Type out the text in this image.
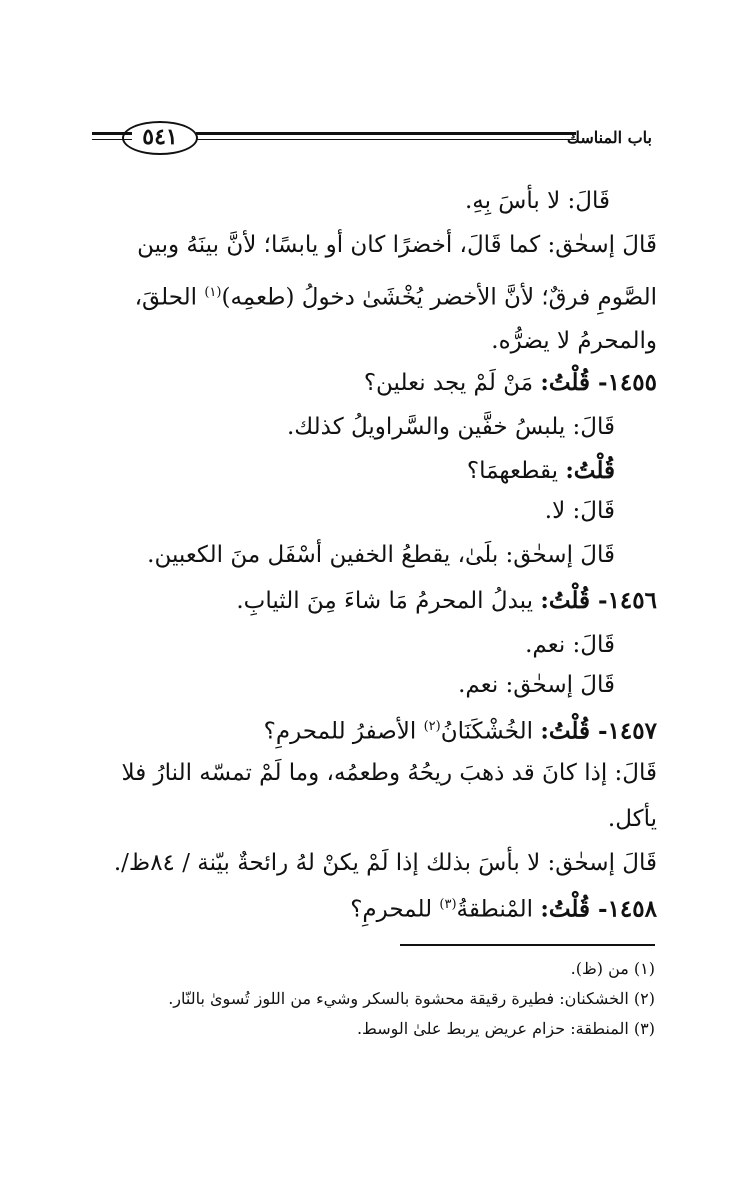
٥٤١	باب المناسك
قَالَ: لا بأسَ بِهِ.
قَالَ إسحٰق: كما قَالَ، أخضرًا كان أو يابسًا؛ لأنَّ بينَهُ وبين
الصَّومِ فرقٌ؛ لأنَّ الأخضر يُخْشَىٰ دخولُ (طعمِه)$^{(١)}$ الحلقَ،
والمحرمُ لا يضرُّه.
١٤٥٥- قُلْتُ: مَنْ لَمْ يجد نعلين؟
قَالَ: يلبسُ خفَّين والسَّراويلُ كذلك.
قُلْتُ: يقطعهمَا؟
قَالَ: لا.
قَالَ إسحٰق: بلَىٰ، يقطعُ الخفين أسْفَل منَ الكعبين.
١٤٥٦- قُلْتُ: يبدلُ المحرمُ مَا شاءَ مِنَ الثيابِ.
قَالَ: نعم.
قَالَ إسحٰق: نعم.
١٤٥٧- قُلْتُ: الخُشْكَنَانُ$^{(٢)}$ الأصفرُ للمحرمِ؟
قَالَ: إذا كانَ قد ذهبَ ريحُهُ وطعمُه، وما لَمْ تمسّه النارُ فلا
يأكل.
قَالَ إسحٰق: لا بأسَ بذلك إذا لَمْ يكنْ لهُ رائحةٌ بيّنة / ٨٤ظ/.
١٤٥٨- قُلْتُ: المْنطقةُ$^{(٣)}$ للمحرمِ؟
(١) من (ظ).
(٢) الخشكنان: فطيرة رقيقة محشوة بالسكر وشيء من اللوز تُسوىٰ بالنّار.
(٣) المنطقة: حزام عريض يربط علىٰ الوسط.
